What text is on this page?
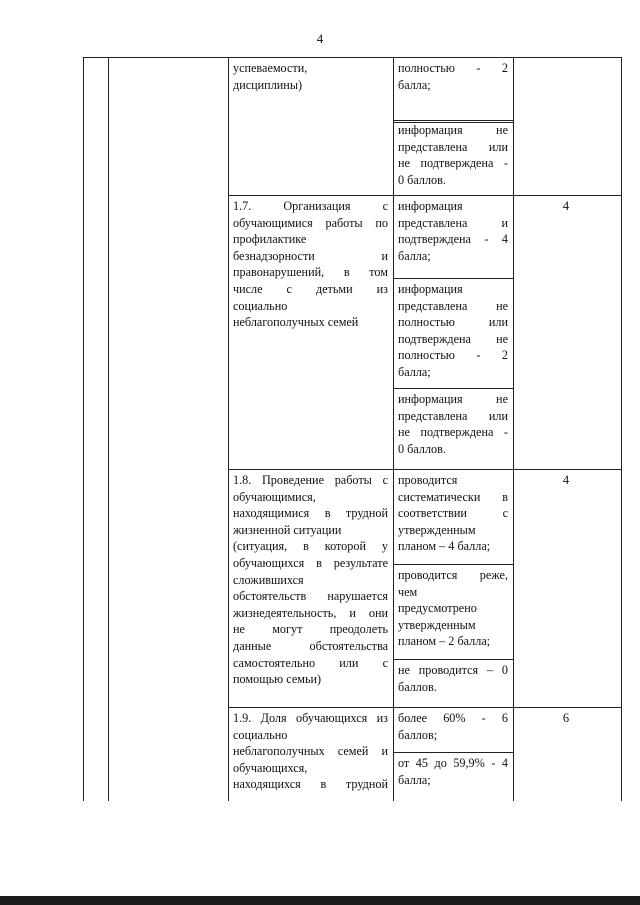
4
успеваемости,
дисциплины)
полностью - 2
балла;
информация не
представлена или
не подтверждена -
0 баллов.
1.7. Организация с
обучающимися работы по
профилактике
безнадзорности и
правонарушений, в том
числе с детьми из
социально
неблагополучных семей
информация
представлена и
подтверждена - 4
балла;
информация
представлена не
полностью или
подтверждена не
полностью - 2
балла;
информация не
представлена или
не подтверждена -
0 баллов.
4
1.8. Проведение работы с
обучающимися,
находящимися в трудной
жизненной ситуации
(ситуация, в которой у
обучающихся в результате
сложившихся
обстоятельств нарушается
жизнедеятельность, и они
не могут преодолеть
данные обстоятельства
самостоятельно или с
помощью семьи)
проводится
систематически в
соответствии с
утвержденным
планом – 4 балла;
проводится реже,
чем
предусмотрено
утвержденным
планом – 2 балла;
не проводится – 0
баллов.
4
1.9. Доля обучающихся из
социально
неблагополучных семей и
обучающихся,
находящихся в трудной
более 60% - 6
баллов;
от 45 до 59,9% - 4
балла;
6
